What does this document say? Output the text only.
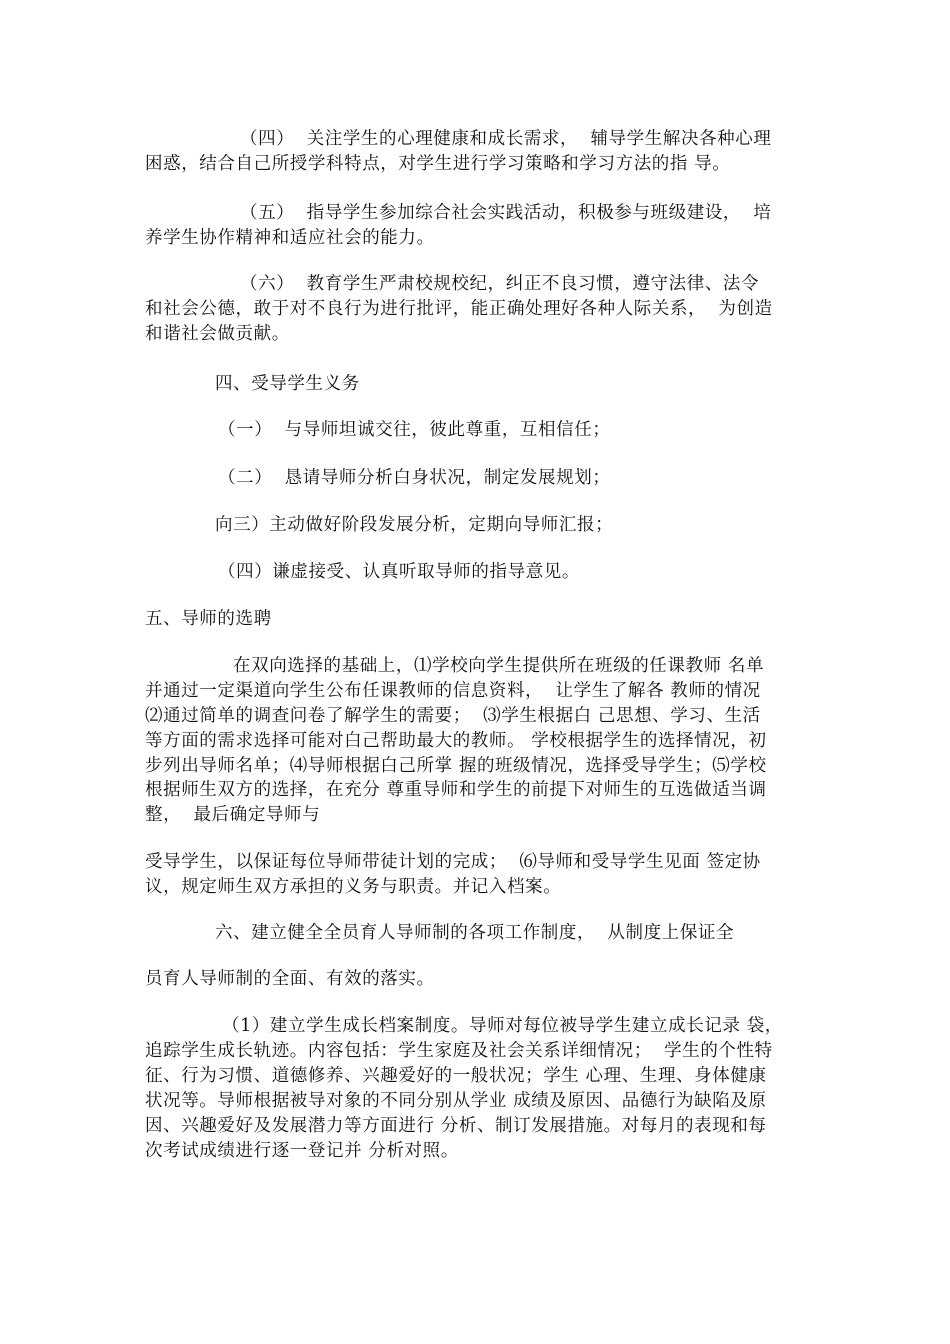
（四）  关注学生的心理健康和成长需求，  辅导学生解决各种心理
困惑，结合自己所授学科特点，对学生进行学习策略和学习方法的指 导。
（五）  指导学生参加综合社会实践活动，积极参与班级建设，  培
养学生协作精神和适应社会的能力。
（六）  教育学生严肃校规校纪，纠正不良习惯，遵守法律、法令
和社会公德，敢于对不良行为进行批评，能正确处理好各种人际关系，  为创造
和谐社会做贡献。
四、受导学生义务
（一）  与导师坦诚交往，彼此尊重，互相信任；
（二）  恳请导师分析白身状况，制定发展规划；
向三）主动做好阶段发展分析，定期向导师汇报；
（四）谦虚接受、认真听取导师的指导意见。
五、导师的选聘
在双向选择的基础上，⑴学校向学生提供所在班级的任课教师 名单
并通过一定渠道向学生公布任课教师的信息资料，  让学生了解各 教师的情况
⑵通过简单的调查问卷了解学生的需要；  ⑶学生根据白 己思想、学习、生活
等方面的需求选择可能对白己帮助最大的教师。 学校根据学生的选择情况，初
步列出导师名单；⑷导师根据白己所掌 握的班级情况，选择受导学生；⑸学校
根据师生双方的选择，在充分 尊重导师和学生的前提下对师生的互选做适当调
整，  最后确定导师与
受导学生，以保证每位导师带徒计划的完成；  ⑹导师和受导学生见面 签定协
议，规定师生双方承担的义务与职责。并记入档案。
六、建立健全全员育人导师制的各项工作制度，  从制度上保证全
员育人导师制的全面、有效的落实。
（1）建立学生成长档案制度。导师对每位被导学生建立成长记录 袋，
追踪学生成长轨迹。内容包括：学生家庭及社会关系详细情况；  学生的个性特
征、行为习惯、道德修养、兴趣爱好的一般状况；学生 心理、生理、身体健康
状况等。导师根据被导对象的不同分别从学业 成绩及原因、品德行为缺陷及原
因、兴趣爱好及发展潜力等方面进行 分析、制订发展措施。对每月的表现和每
次考试成绩进行逐一登记并 分析对照。
